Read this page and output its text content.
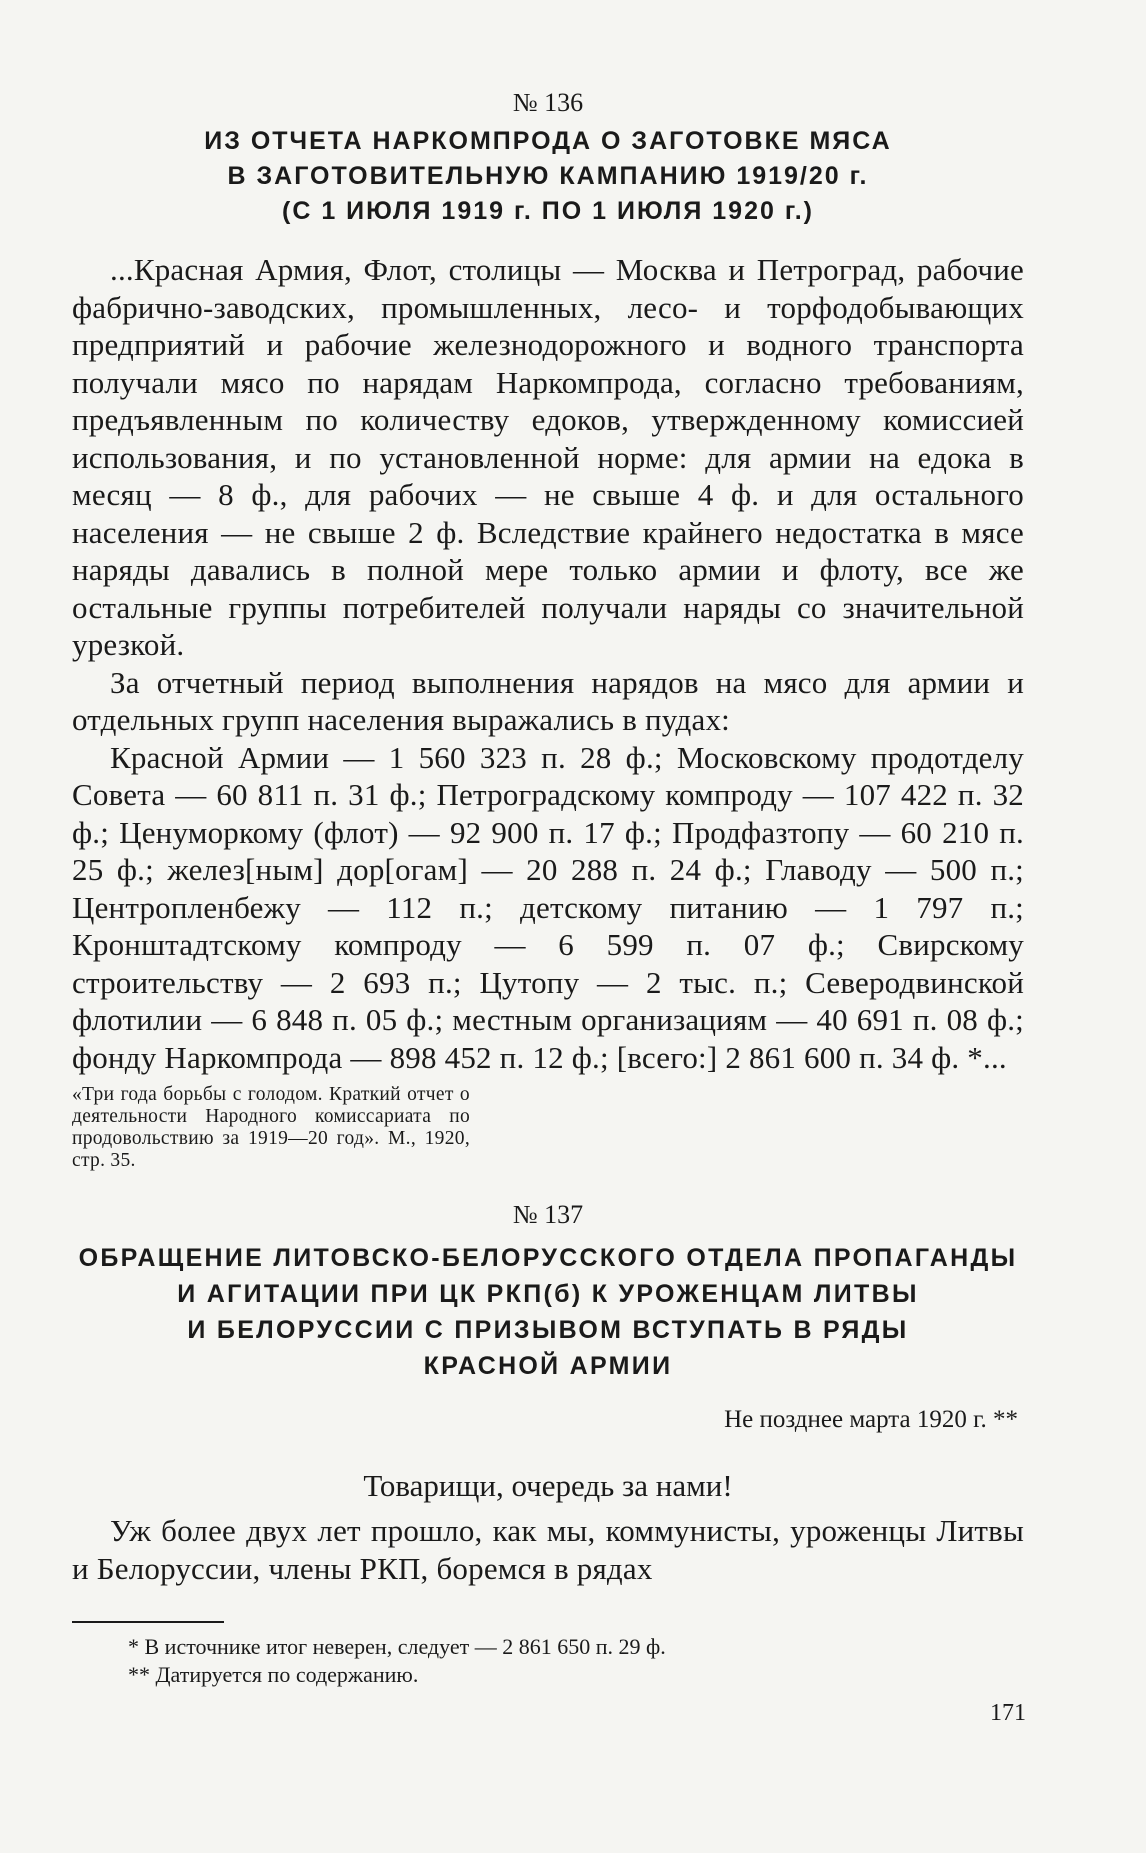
№ 136
ИЗ ОТЧЕТА НАРКОМПРОДА О ЗАГОТОВКЕ МЯСА
В ЗАГОТОВИТЕЛЬНУЮ КАМПАНИЮ 1919/20 г.
(С 1 ИЮЛЯ 1919 г. ПО 1 ИЮЛЯ 1920 г.)

...Красная Армия, Флот, столицы — Москва и Петроград, рабочие фабрично-заводских, промышленных, лесо- и торфодобывающих предприятий и рабочие железнодорожного и водного транспорта получали мясо по нарядам Наркомпрода, согласно требованиям, предъявленным по количеству едоков, утвержденному комиссией использования, и по установленной норме: для армии на едока в месяц — 8 ф., для рабочих — не свыше 4 ф. и для остального населения — не свыше 2 ф. Вследствие крайнего недостатка в мясе наряды давались в полной мере только армии и флоту, все же остальные группы потребителей получали наряды со значительной урезкой.

За отчетный период выполнения нарядов на мясо для армии и отдельных групп населения выражались в пудах:

Красной Армии — 1 560 323 п. 28 ф.; Московскому продотделу Совета — 60 811 п. 31 ф.; Петроградскому компроду — 107 422 п. 32 ф.; Ценуморкому (флот) — 92 900 п. 17 ф.; Продфазтопу — 60 210 п. 25 ф.; желез[ным] дор[огам] — 20 288 п. 24 ф.; Главоду — 500 п.; Центропленбежу — 112 п.; детскому питанию — 1 797 п.; Кронштадтскому компроду — 6 599 п. 07 ф.; Свирскому строительству — 2 693 п.; Цутопу — 2 тыс. п.; Северодвинской флотилии — 6 848 п. 05 ф.; местным организациям — 40 691 п. 08 ф.; фонду Наркомпрода — 898 452 п. 12 ф.; [всего:] 2 861 600 п. 34 ф. *...

«Три года борьбы с голодом. Краткий отчет о деятельности Народного комиссариата по продовольствию за 1919—20 год». М., 1920, стр. 35.
№ 137
ОБРАЩЕНИЕ ЛИТОВСКО-БЕЛОРУССКОГО ОТДЕЛА ПРОПАГАНДЫ
И АГИТАЦИИ ПРИ ЦК РКП(б) К УРОЖЕНЦАМ ЛИТВЫ
И БЕЛОРУССИИ С ПРИЗЫВОМ ВСТУПАТЬ В РЯДЫ
КРАСНОЙ АРМИИ
Не позднее марта 1920 г. **
Товарищи, очередь за нами!

Уж более двух лет прошло, как мы, коммунисты, уроженцы Литвы и Белоруссии, члены РКП, боремся в рядах

* В источнике итог неверен, следует — 2 861 650 п. 29 ф.
** Датируется по содержанию.
171
